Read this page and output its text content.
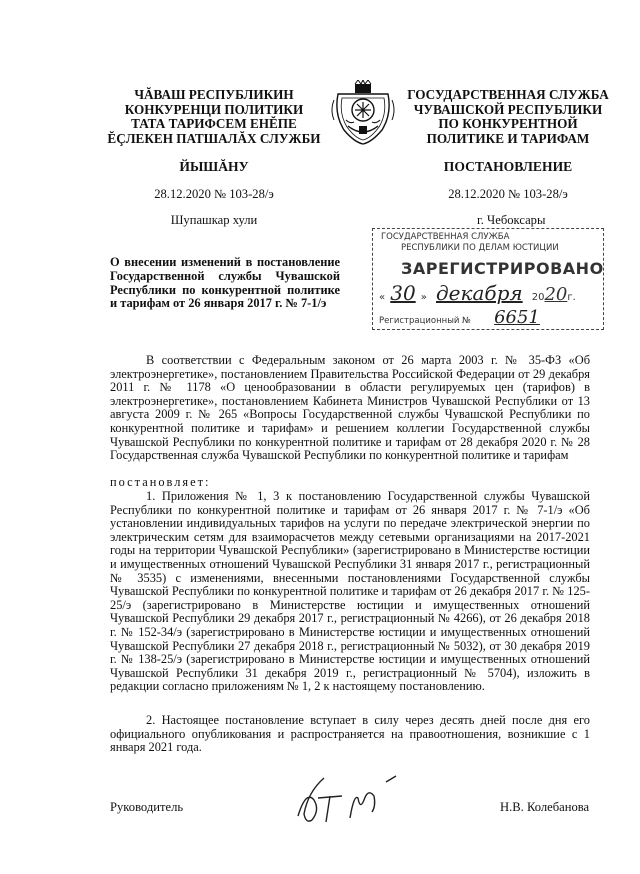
ЧĂВАШ РЕСПУБЛИКИН
КОНКУРЕНЦИ ПОЛИТИКИ
ТАТА ТАРИФСЕМ ЕНĔПЕ
ĔÇЛЕКЕН ПАТШАЛĂХ СЛУЖБИ
ГОСУДАРСТВЕННАЯ СЛУЖБА
ЧУВАШСКОЙ РЕСПУБЛИКИ
ПО КОНКУРЕНТНОЙ
ПОЛИТИКЕ И ТАРИФАМ
ЙЫШĂНУ	ПОСТАНОВЛЕНИЕ
28.12.2020 № 103-28/э	28.12.2020 № 103-28/э
Шупашкар хули	г. Чебоксары
ГОСУДАРСТВЕННАЯ СЛУЖБА
РЕСПУБЛИКИ ПО ДЕЛАМ ЮСТИЦИИ
ЗАРЕГИСТРИРОВАНО
« 30 » декабря 2020г.
Регистрационный № 6651
О внесении изменений в постановление Государственной службы Чувашской Республики по конкурентной политике и тарифам от 26 января 2017 г. № 7-1/э
В соответствии с Федеральным законом от 26 марта 2003 г. № 35-ФЗ «Об электроэнергетике», постановлением Правительства Российской Федерации от 29 декабря 2011 г. № 1178 «О ценообразовании в области регулируемых цен (тарифов) в электроэнергетике», постановлением Кабинета Министров Чувашской Республики от 13 августа 2009 г. № 265 «Вопросы Государственной службы Чувашской Республики по конкурентной политике и тарифам» и решением коллегии Государственной службы Чувашской Республики по конкурентной политике и тарифам от 28 декабря 2020 г. № 28 Государственная служба Чувашской Республики по конкурентной политике и тарифам
постановляет:
1. Приложения № 1, 3 к постановлению Государственной службы Чувашской Республики по конкурентной политике и тарифам от 26 января 2017 г. № 7-1/э «Об установлении индивидуальных тарифов на услуги по передаче электрической энергии по электрическим сетям для взаиморасчетов между сетевыми организациями на 2017-2021 годы на территории Чувашской Республики» (зарегистрировано в Министерстве юстиции и имущественных отношений Чувашской Республики 31 января 2017 г., регистрационный № 3535) с изменениями, внесенными постановлениями Государственной службы Чувашской Республики по конкурентной политике и тарифам от 26 декабря 2017 г. № 125-25/э (зарегистрировано в Министерстве юстиции и имущественных отношений Чувашской Республики 29 декабря 2017 г., регистрационный № 4266), от 26 декабря 2018 г. № 152-34/э (зарегистрировано в Министерстве юстиции и имущественных отношений Чувашской Республики 27 декабря 2018 г., регистрационный № 5032), от 30 декабря 2019 г. № 138-25/э (зарегистрировано в Министерстве юстиции и имущественных отношений Чувашской Республики 31 декабря 2019 г., регистрационный № 5704), изложить в редакции согласно приложениям № 1, 2 к настоящему постановлению.
2. Настоящее постановление вступает в силу через десять дней после дня его официального опубликования и распространяется на правоотношения, возникшие с 1 января 2021 года.
Руководитель	Н.В. Колебанова
